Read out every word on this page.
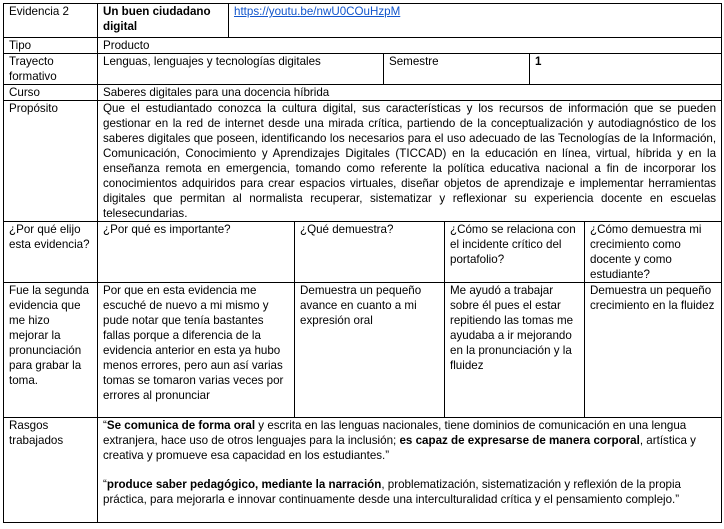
Evidencia 2	Un buen ciudadano digital	https://youtu.be/nwU0COuHzpM					
Tipo	Producto						
Trayecto formativo	Lenguas, lenguajes y tecnologías digitales			Semestre		1	
Curso	Saberes digitales para una docencia híbrida						
Propósito	Que el estudiantado conozca la cultura digital, sus características y los recursos de información que se pueden gestionar en la red de internet desde una mirada crítica, partiendo de la conceptualización y autodiagnóstico de los saberes digitales que poseen, identificando los necesarios para el uso adecuado de las Tecnologías de la Información, Comunicación, Conocimiento y Aprendizajes Digitales (TICCAD) en la educación en línea, virtual, híbrida y en la enseñanza remota en emergencia, tomando como referente la política educativa nacional a fin de incorporar los conocimientos adquiridos para crear espacios virtuales, diseñar objetos de aprendizaje e implementar herramientas digitales que permitan al normalista recuperar, sistematizar y reflexionar su experiencia docente en escuelas telesecundarias.						
¿Por qué elijo esta evidencia?	¿Por qué es importante?		¿Qué demuestra?		¿Cómo se relaciona con el incidente crítico del portafolio?		¿Cómo demuestra mi crecimiento como docente y como estudiante?
Fue la segunda evidencia que me hizo mejorar la pronunciación para grabar la toma.	Por que en esta evidencia me escuché de nuevo a mi mismo y pude notar que tenía bastantes fallas porque a diferencia de la evidencia anterior en esta ya hubo menos errores, pero aun así varias tomas se tomaron varias veces por errores al pronunciar		Demuestra un pequeño avance en cuanto a mi expresión oral		Me ayudó a trabajar sobre él pues el estar repitiendo las tomas me ayudaba a ir mejorando en la pronunciación y la fluidez		Demuestra un pequeño crecimiento en la fluidez
Rasgos trabajados	“Se comunica de forma oral y escrita en las lenguas nacionales, tiene dominios de comunicación en una lengua extranjera, hace uso de otros lenguajes para la inclusión; es capaz de expresarse de manera corporal, artística y creativa y promueve esa capacidad en los estudiantes.”

“produce saber pedagógico, mediante la narración, problematización, sistematización y reflexión de la propia práctica, para mejorarla e innovar continuamente desde una interculturalidad crítica y el pensamiento complejo.”						
